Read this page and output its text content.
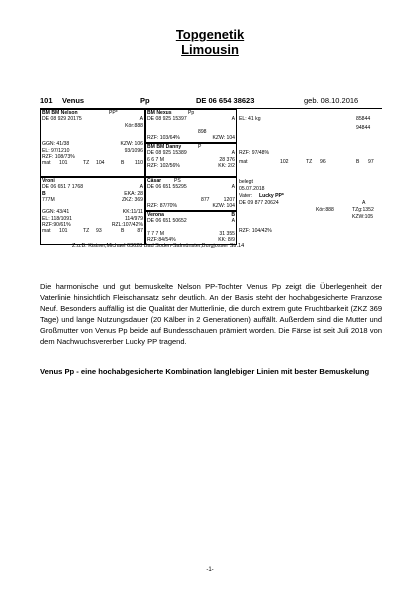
Topgenetik
Limousin
101 Venus	Pp	DE 06 654 38623	geb. 08.10.2016
BM BM Nelson	PP*
DE 08 929 20175	A
Kör:888
GGN: 41/38	KZW: 106
EL: 97/1210	93/1096
RZF: 108/73%
mat 101	TZ 104	B 110
BM Nexus	Pp
DE 08 925 15397	A
898
RZF: 103/64%	KZW: 104
BM BM Danny	P
DE 08 925 15389	A
6 6 7 M	28 376
RZF: 102/56%	KK: 2/2
Vroni
DE 06 651 7 1768	A
B	EKA: 28
777M	ZKZ: 369
GGN: 43/41	KK:11/11
EL: 118/1091	114/979
RZF:90/61%	RZL:107/42%
mat 101	TZ 93	B	87
Cäsar	PS
DE 06 651 55295	A
877	1207
RZF: 87/70%	KZW: 104
Verona	B
DE 06 651 50652	A
7 7 7 M	31 355
RZF:84/54%	KK: 8/9
EL: 41 kg	85844
94844
RZF: 97/48%
mat	102	TZ 96	B 97
belegt
05.07.2018
Vater: Lucky PP*
DE 09 877 20624	A
Kör:888	TZg:1352
KZW:105
RZF: 104/42%
Z.u.B: Kistner,Michael 63628 Bad Soden-Salmünster,Burgjosser Str.14

Die harmonische und gut bemuskelte Nelson PP-Tochter Venus Pp zeigt die Überlegenheit der Vaterlinie hinsichtlich Fleischansatz sehr deutlich. An der Basis steht der hochabgesicherte Franzose Neuf. Besonders auffällig ist die Qualität der Mutterlinie, die durch extrem gute Fruchtbarkeit (ZKZ 369 Tage) und lange Nutzungsdauer (20 Kälber in 2 Generationen) auffällt. Außerdem sind die Mutter und Großmutter von Venus Pp beide auf Bundesschauen prämiert worden. Die Färse ist seit Juli 2018 von dem Nachwuchsvererber Lucky PP tragend.

Venus Pp - eine hochabgesicherte Kombination langlebiger Linien mit bester Bemuskelung

-1-
